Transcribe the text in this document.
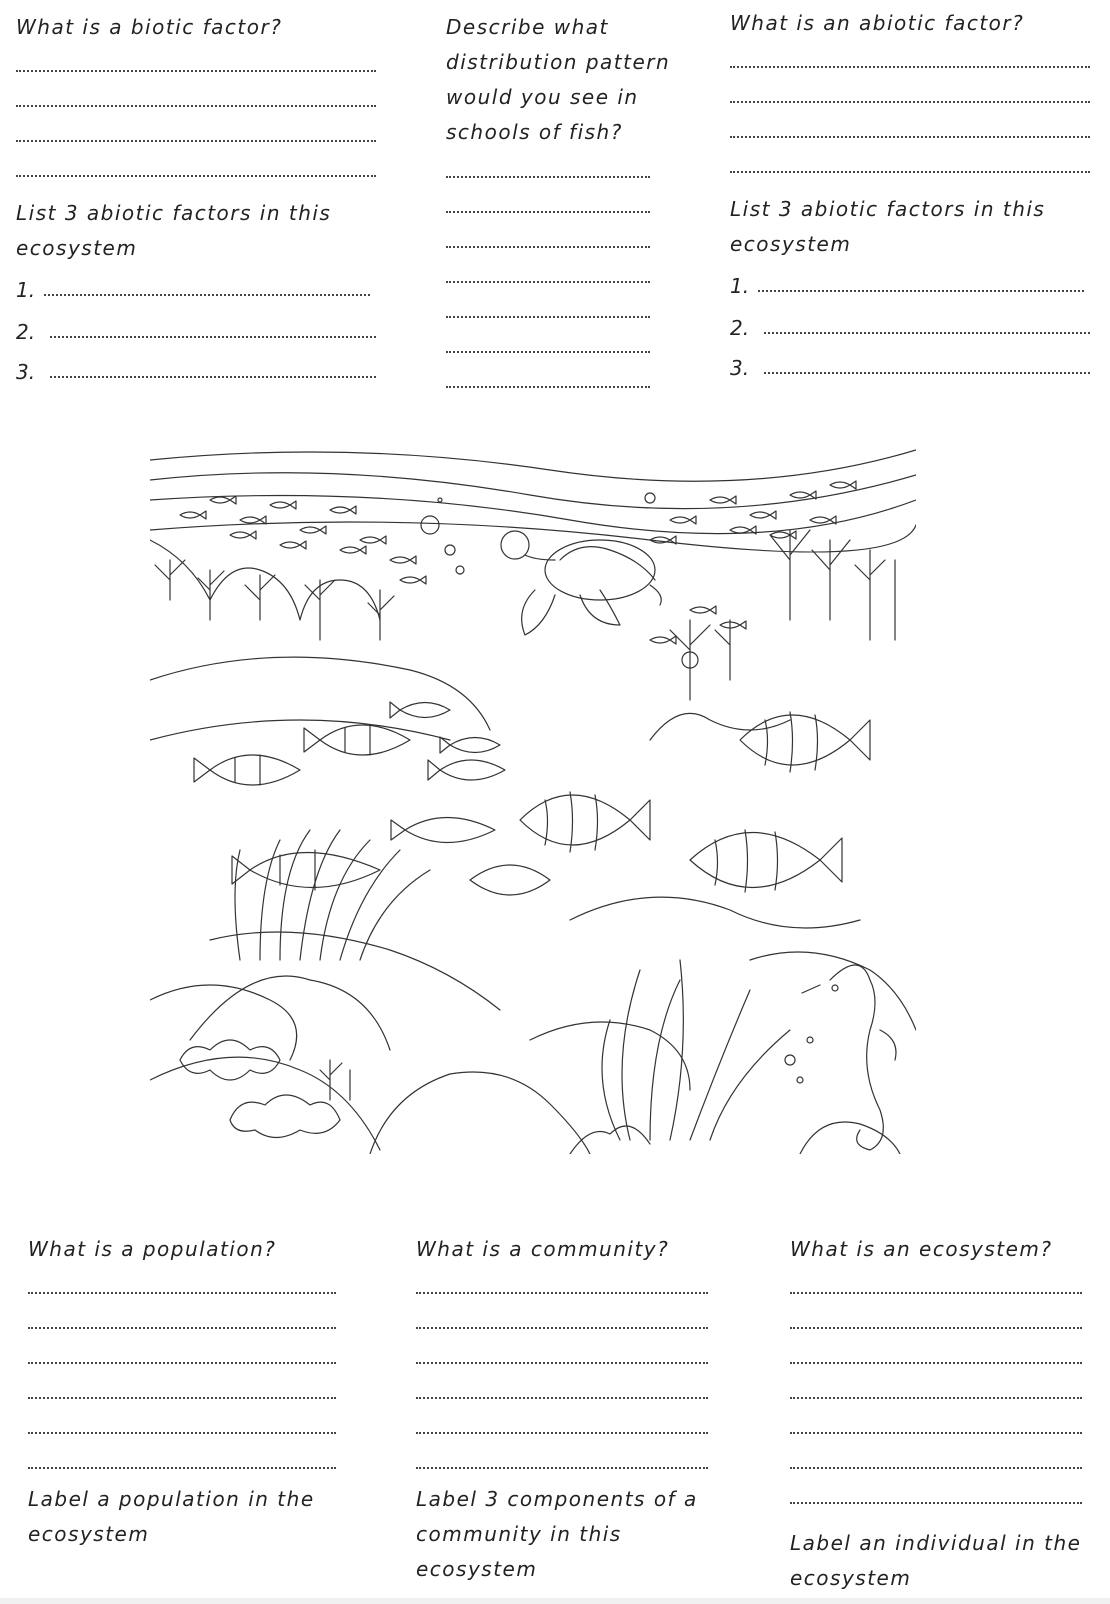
What is a biotic factor?
List 3 abiotic factors in this ecosystem
1.
2.
3.
Describe what distribution pattern would you see in schools of fish?
What is an abiotic factor?
List 3 abiotic factors in this ecosystem
1.
2.
3.
What is a population?
Label a population in the ecosystem
What is a community?
Label 3 components of a community in this ecosystem
What is an ecosystem?
Label an individual in the ecosystem
